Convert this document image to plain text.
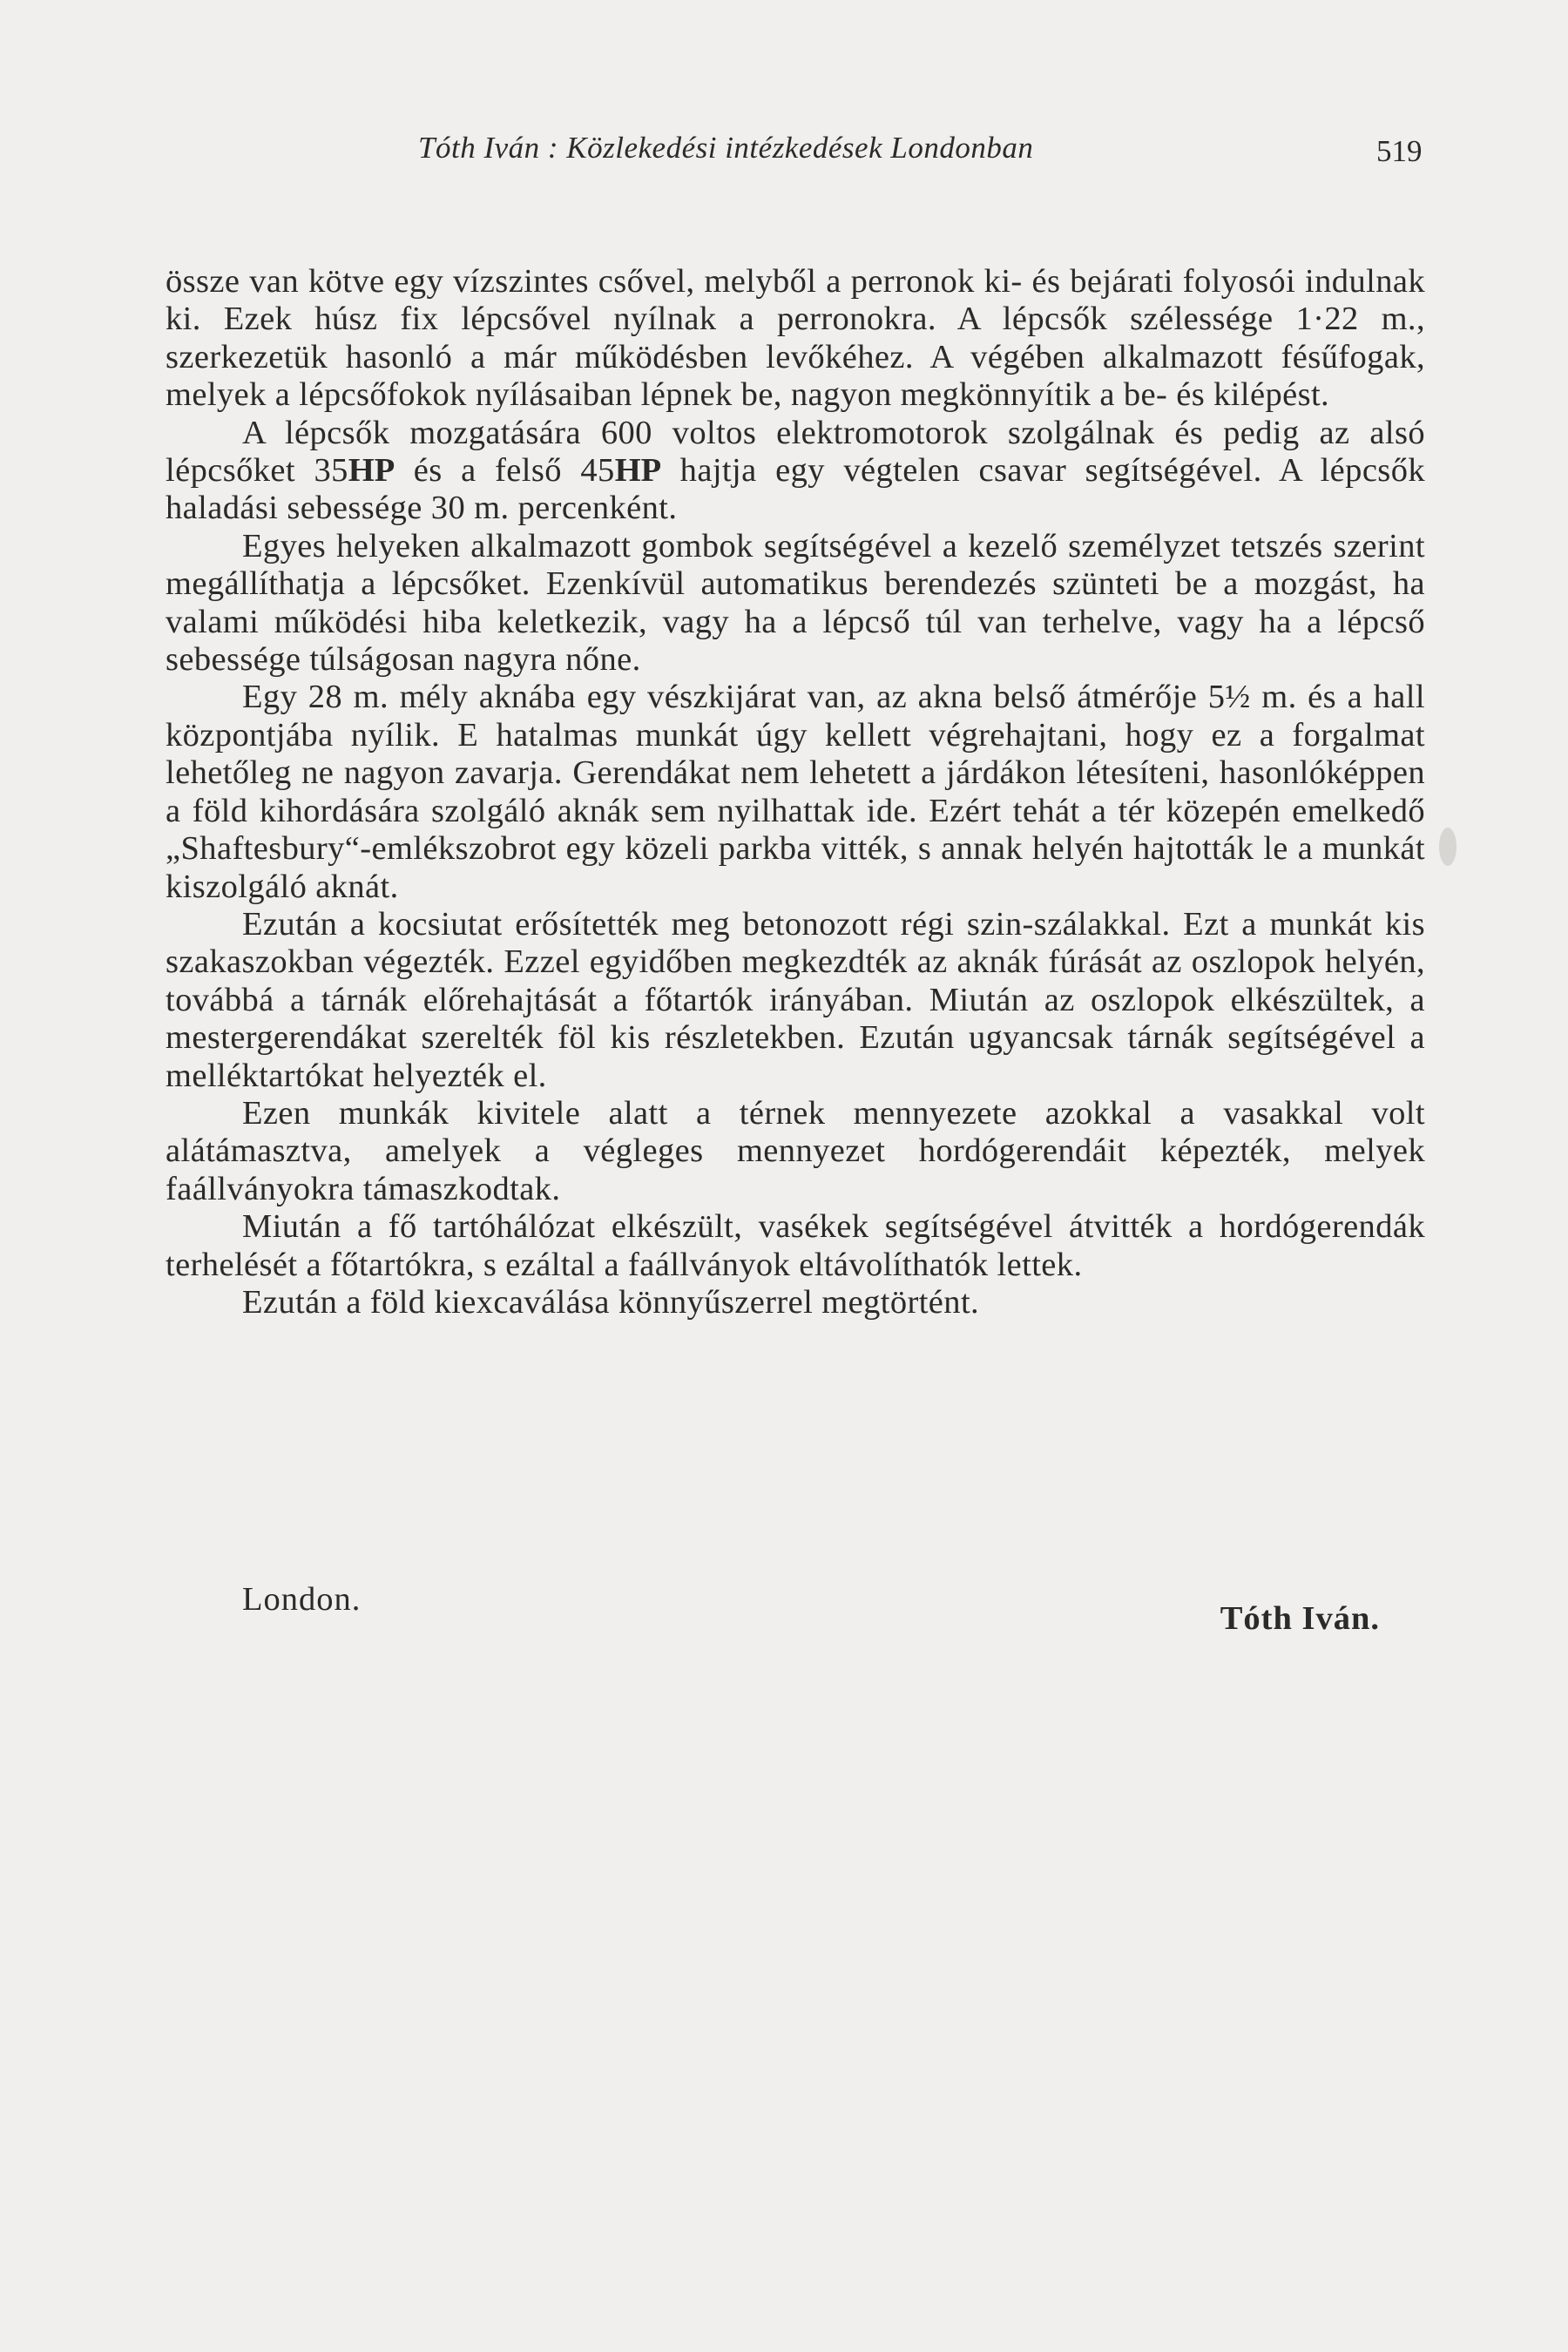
Tóth Iván : Közlekedési intézkedések Londonban	519

össze van kötve egy vízszintes csővel, melyből a perronok ki- és bejárati folyosói indulnak ki. Ezek húsz fix lépcsővel nyílnak a perronokra. A lépcsők szélessége 1·22 m., szerkezetük hasonló a már működésben levőkéhez. A végében alkalmazott fésűfogak, melyek a lépcsőfokok nyílásaiban lépnek be, nagyon megkönnyítik a be- és kilépést.

A lépcsők mozgatására 600 voltos elektromotorok szolgálnak és pedig az alsó lépcsőket 35HP és a felső 45HP hajtja egy végtelen csavar segítségével. A lépcsők haladási sebessége 30 m. percenként.

Egyes helyeken alkalmazott gombok segítségével a kezelő személyzet tetszés szerint megállíthatja a lépcsőket. Ezenkívül automatikus berendezés szünteti be a mozgást, ha valami működési hiba keletkezik, vagy ha a lépcső túl van terhelve, vagy ha a lépcső sebessége túlságosan nagyra nőne.

Egy 28 m. mély aknába egy vészkijárat van, az akna belső átmérője 5½ m. és a hall központjába nyílik. E hatalmas munkát úgy kellett végrehajtani, hogy ez a forgalmat lehetőleg ne nagyon zavarja. Gerendákat nem lehetett a járdákon létesíteni, hasonlóképpen a föld kihordására szolgáló aknák sem nyilhattak ide. Ezért tehát a tér közepén emelkedő „Shaftesbury“-emlékszobrot egy közeli parkba vitték, s annak helyén hajtották le a munkát kiszolgáló aknát.

Ezután a kocsiutat erősítették meg betonozott régi szin-szálakkal. Ezt a munkát kis szakaszokban végezték. Ezzel egyidőben megkezdték az aknák fúrását az oszlopok helyén, továbbá a tárnák előrehajtását a főtartók irányában. Miután az oszlopok elkészültek, a mestergerendákat szerelték föl kis részletekben. Ezután ugyancsak tárnák segítségével a melléktartókat helyezték el.

Ezen munkák kivitele alatt a térnek mennyezete azokkal a vasakkal volt alátámasztva, amelyek a végleges mennyezet hordógerendáit képezték, melyek faállványokra támaszkodtak.

Miután a fő tartóhálózat elkészült, vasékek segítségével átvitték a hordógerendák terhelését a főtartókra, s ezáltal a faállványok eltávolíthatók lettek.

Ezután a föld kiexcaválása könnyűszerrel megtörtént.

London.
Tóth Iván.
